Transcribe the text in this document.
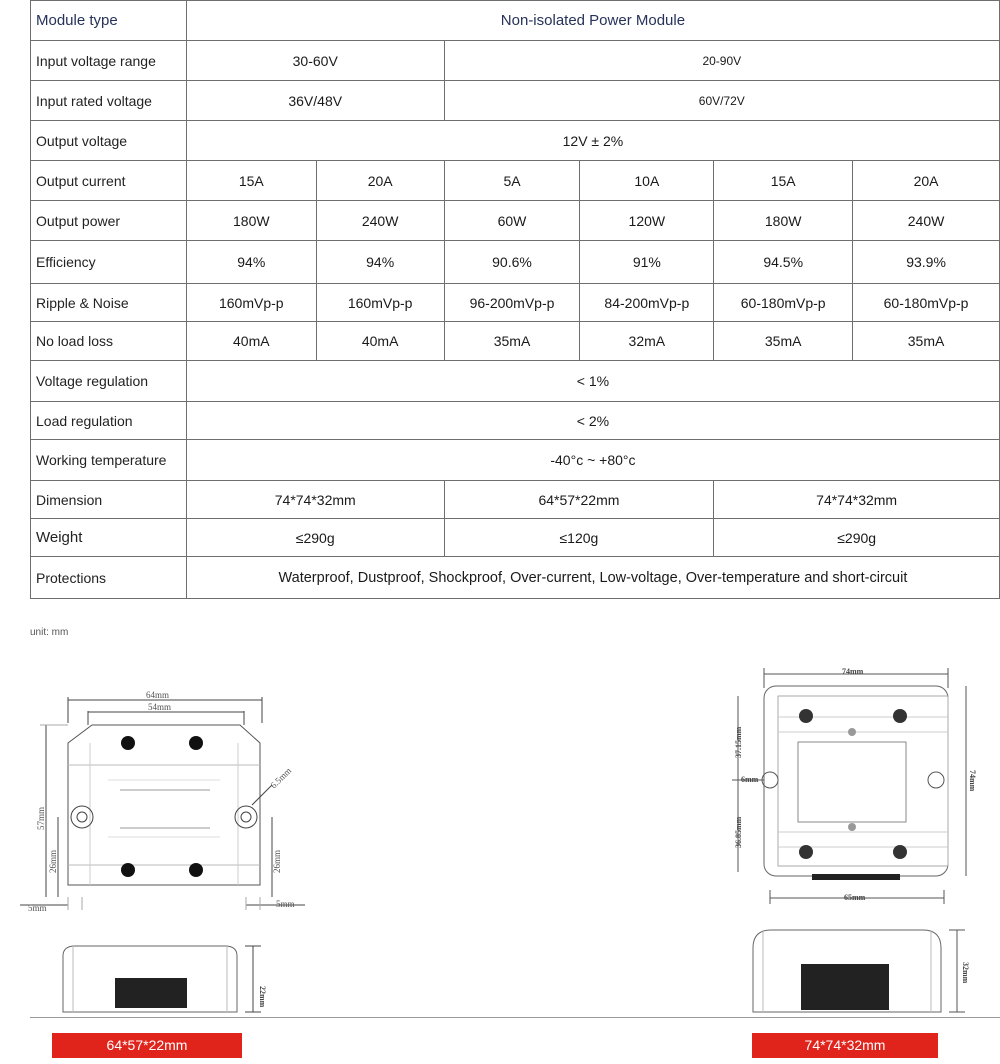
Module type	Non-isolated Power Module					
Input voltage range	30-60V		20-90V			
Input rated voltage	36V/48V		60V/72V			
Output voltage	12V ± 2%					
Output current	15A	20A	5A	10A	15A	20A
Output power	180W	240W	60W	120W	180W	240W
Efficiency	94%	94%	90.6%	91%	94.5%	93.9%
Ripple & Noise	160mVp-p	160mVp-p	96-200mVp-p	84-200mVp-p	60-180mVp-p	60-180mVp-p
No load loss	40mA	40mA	35mA	32mA	35mA	35mA
Voltage regulation	< 1%					
Load regulation	< 2%					
Working temperature	-40°c ~ +80°c					
Dimension	74*74*32mm		64*57*22mm		74*74*32mm	
Weight	≤290g		≤120g		≤290g	
Protections	Waterproof, Dustproof, Shockproof, Over-current, Low-voltage, Over-temperature and short-circuit					
unit: mm
64mm
54mm
6.5mm
57mm
26mm	26mm
5mm	5mm
22mm
74mm
37.15mm
6mm
36.85mm
74mm
65mm
32mm
64*57*22mm	74*74*32mm
